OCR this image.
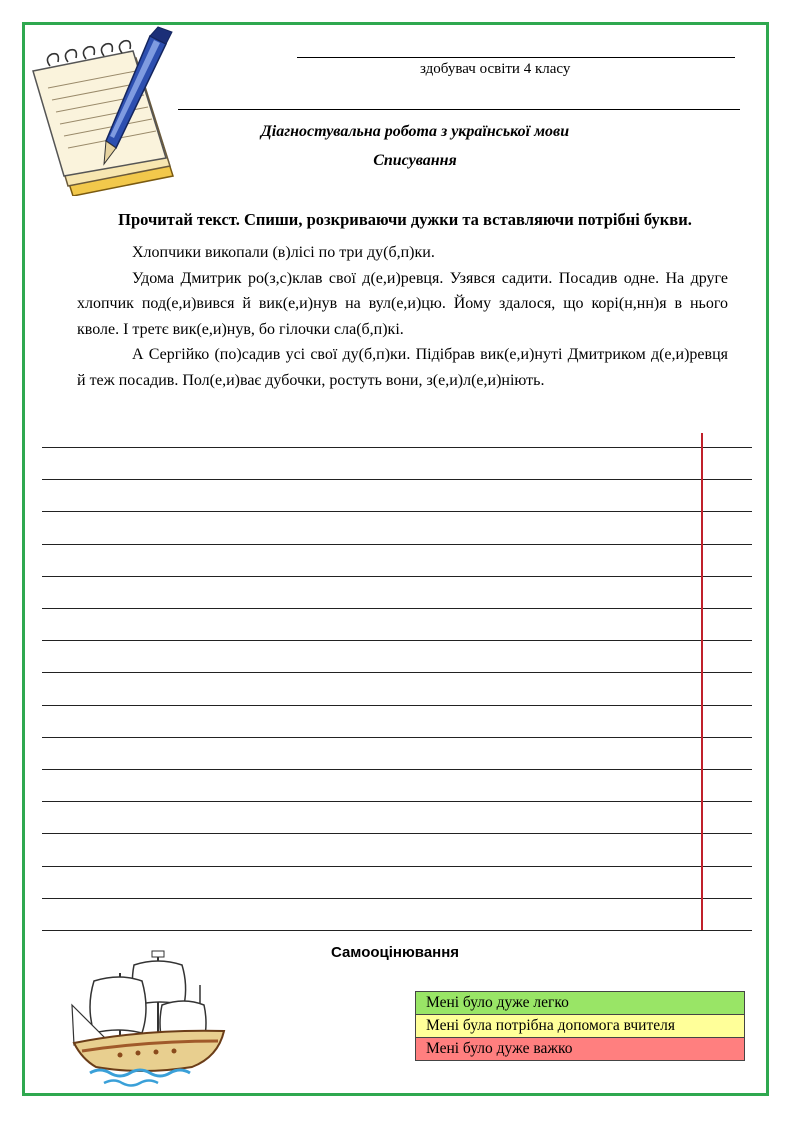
здобувач освіти 4 класу
Діагностувальна робота з української мови
Списування
Прочитай текст. Спиши, розкриваючи дужки та вставляючи потрібні букви.

Хлопчики викопали (в)лісі по три ду(б,п)ки.

Удома Дмитрик ро(з,с)клав свої д(е,и)ревця. Узявся садити. Посадив одне. На друге хлопчик под(е,и)вився й вик(е,и)нув на вул(е,и)цю. Йому здалося, що корі(н,нн)я в нього кволе. І третє вик(е,и)нув, бо гілочки сла(б,п)кі.

А Сергійко (по)садив усі свої ду(б,п)ки. Підібрав вик(е,и)нуті Дмитриком д(е,и)ревця й теж посадив. Пол(е,и)ває дубочки, ростуть вони, з(е,и)л(е,и)ніють.

Самооцінювання
Мені було дуже легко
Мені була потрібна допомога вчителя
Мені було дуже важко
